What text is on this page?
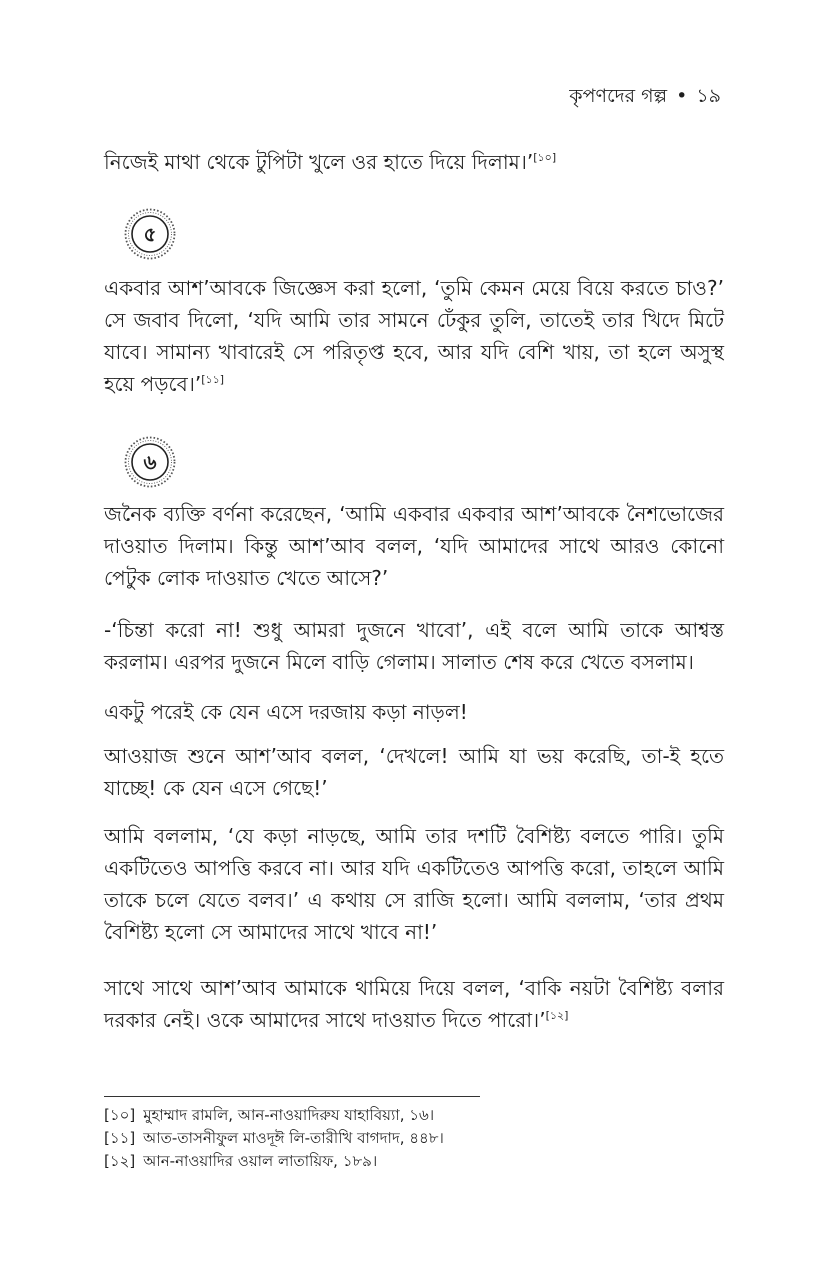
কৃপণদের গল্প • ১৯

নিজেই মাথা থেকে টুপিটা খুলে ওর হাতে দিয়ে দিলাম।’[১০]

৫

একবার আশ’আবকে জিজ্ঞেস করা হলো, ‘তুমি কেমন মেয়ে বিয়ে করতে চাও?’ সে জবাব দিলো, ‘যদি আমি তার সামনে ঢেঁকুর তুলি, তাতেই তার খিদে মিটে যাবে। সামান্য খাবারেই সে পরিতৃপ্ত হবে, আর যদি বেশি খায়, তা হলে অসুস্থ হয়ে পড়বে।’[১১]

৬

জনৈক ব্যক্তি বর্ণনা করেছেন, ‘আমি একবার একবার আশ’আবকে নৈশভোজের দাওয়াত দিলাম। কিন্তু আশ’আব বলল, ‘যদি আমাদের সাথে আরও কোনো পেটুক লোক দাওয়াত খেতে আসে?’

-‘চিন্তা করো না! শুধু আমরা দুজনে খাবো’, এই বলে আমি তাকে আশ্বস্ত করলাম। এরপর দুজনে মিলে বাড়ি গেলাম। সালাত শেষ করে খেতে বসলাম।

একটু পরেই কে যেন এসে দরজায় কড়া নাড়ল!

আওয়াজ শুনে আশ’আব বলল, ‘দেখলে! আমি যা ভয় করেছি, তা-ই হতে যাচ্ছে! কে যেন এসে গেছে!’

আমি বললাম, ‘যে কড়া নাড়ছে, আমি তার দশটি বৈশিষ্ট্য বলতে পারি। তুমি একটিতেও আপত্তি করবে না। আর যদি একটিতেও আপত্তি করো, তাহলে আমি তাকে চলে যেতে বলব।’ এ কথায় সে রাজি হলো। আমি বললাম, ‘তার প্রথম বৈশিষ্ট্য হলো সে আমাদের সাথে খাবে না!’

সাথে সাথে আশ’আব আমাকে থামিয়ে দিয়ে বলল, ‘বাকি নয়টা বৈশিষ্ট্য বলার দরকার নেই। ওকে আমাদের সাথে দাওয়াত দিতে পারো।’[১২]

[১০] মুহাম্মাদ রামলি, আন-নাওয়াদিরুয যাহাবিয়্যা, ১৬।
[১১] আত-তাসনীফুল মাওদূঈ লি-তারীখি বাগদাদ, ৪৪৮।
[১২] আন-নাওয়াদির ওয়াল লাতায়িফ, ১৮৯।
